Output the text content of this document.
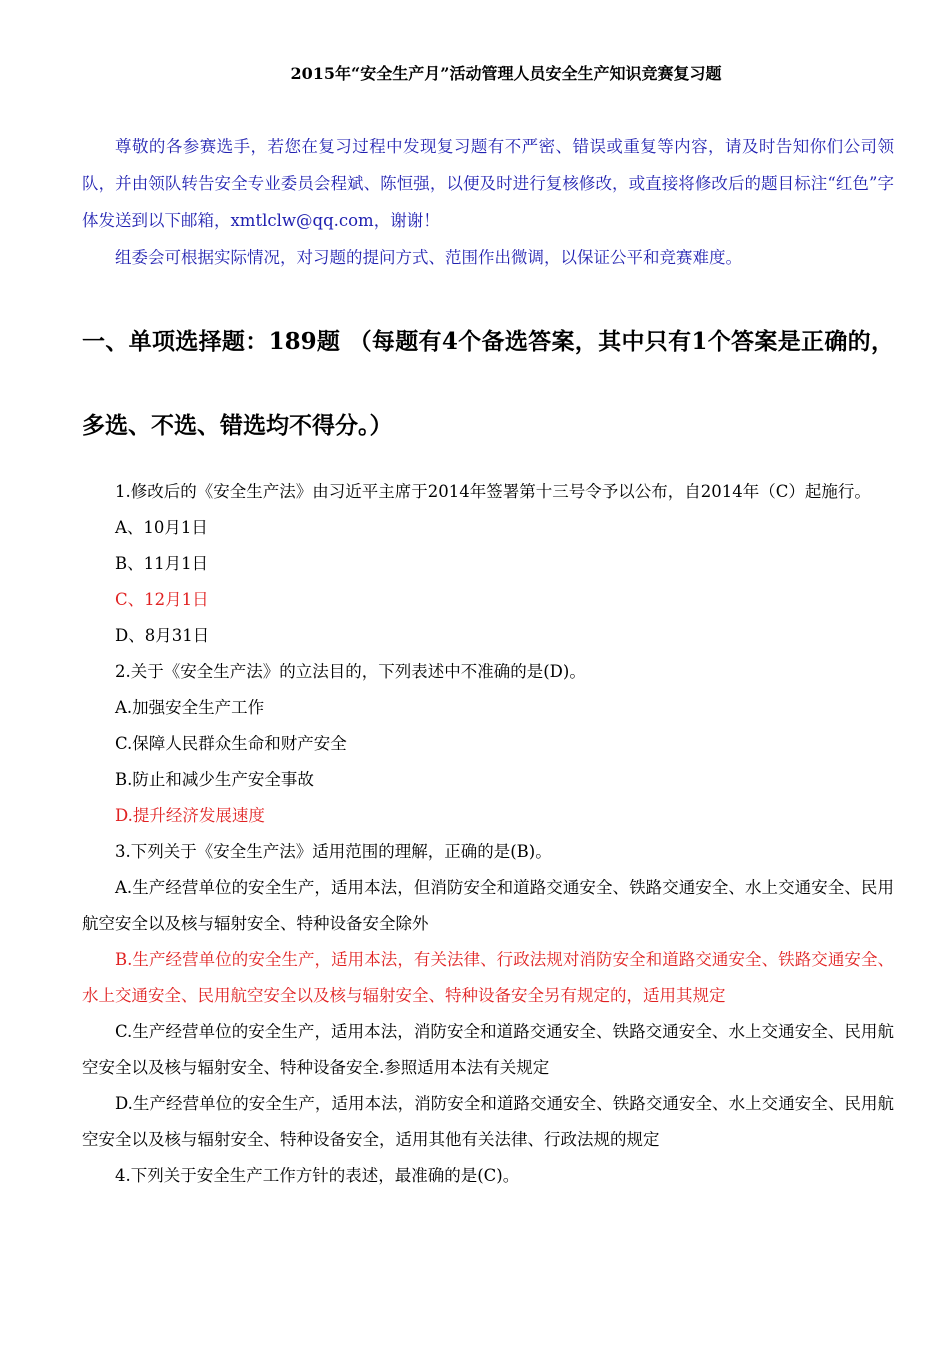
2015年“安全生产月”活动管理人员安全生产知识竞赛复习题

尊敬的各参赛选手，若您在复习过程中发现复习题有不严密、错误或重复等内容，请及时告知你们公司领队，并由领队转告安全专业委员会程斌、陈恒强，以便及时进行复核修改，或直接将修改后的题目标注“红色”字体发送到以下邮箱，xmtlclw@qq.com，谢谢！

组委会可根据实际情况，对习题的提问方式、范围作出微调，以保证公平和竞赛难度。

一、单项选择题：189题 （每题有4个备选答案，其中只有1个答案是正确的，多选、不选、错选均不得分。）

1.修改后的《安全生产法》由习近平主席于2014年签署第十三号令予以公布，自2014年（C）起施行。

A、10月1日

B、11月1日

C、12月1日

D、8月31日

2.关于《安全生产法》的立法目的，下列表述中不准确的是(D)。

A.加强安全生产工作

C.保障人民群众生命和财产安全

B.防止和减少生产安全事故

D.提升经济发展速度

3.下列关于《安全生产法》适用范围的理解，正确的是(B)。

A.生产经营单位的安全生产，适用本法，但消防安全和道路交通安全、铁路交通安全、水上交通安全、民用航空安全以及核与辐射安全、特种设备安全除外

B.生产经营单位的安全生产，适用本法，有关法律、行政法规对消防安全和道路交通安全、铁路交通安全、水上交通安全、民用航空安全以及核与辐射安全、特种设备安全另有规定的，适用其规定

C.生产经营单位的安全生产，适用本法，消防安全和道路交通安全、铁路交通安全、水上交通安全、民用航空安全以及核与辐射安全、特种设备安全.参照适用本法有关规定

D.生产经营单位的安全生产，适用本法，消防安全和道路交通安全、铁路交通安全、水上交通安全、民用航空安全以及核与辐射安全、特种设备安全，适用其他有关法律、行政法规的规定

4.下列关于安全生产工作方针的表述，最准确的是(C)。
